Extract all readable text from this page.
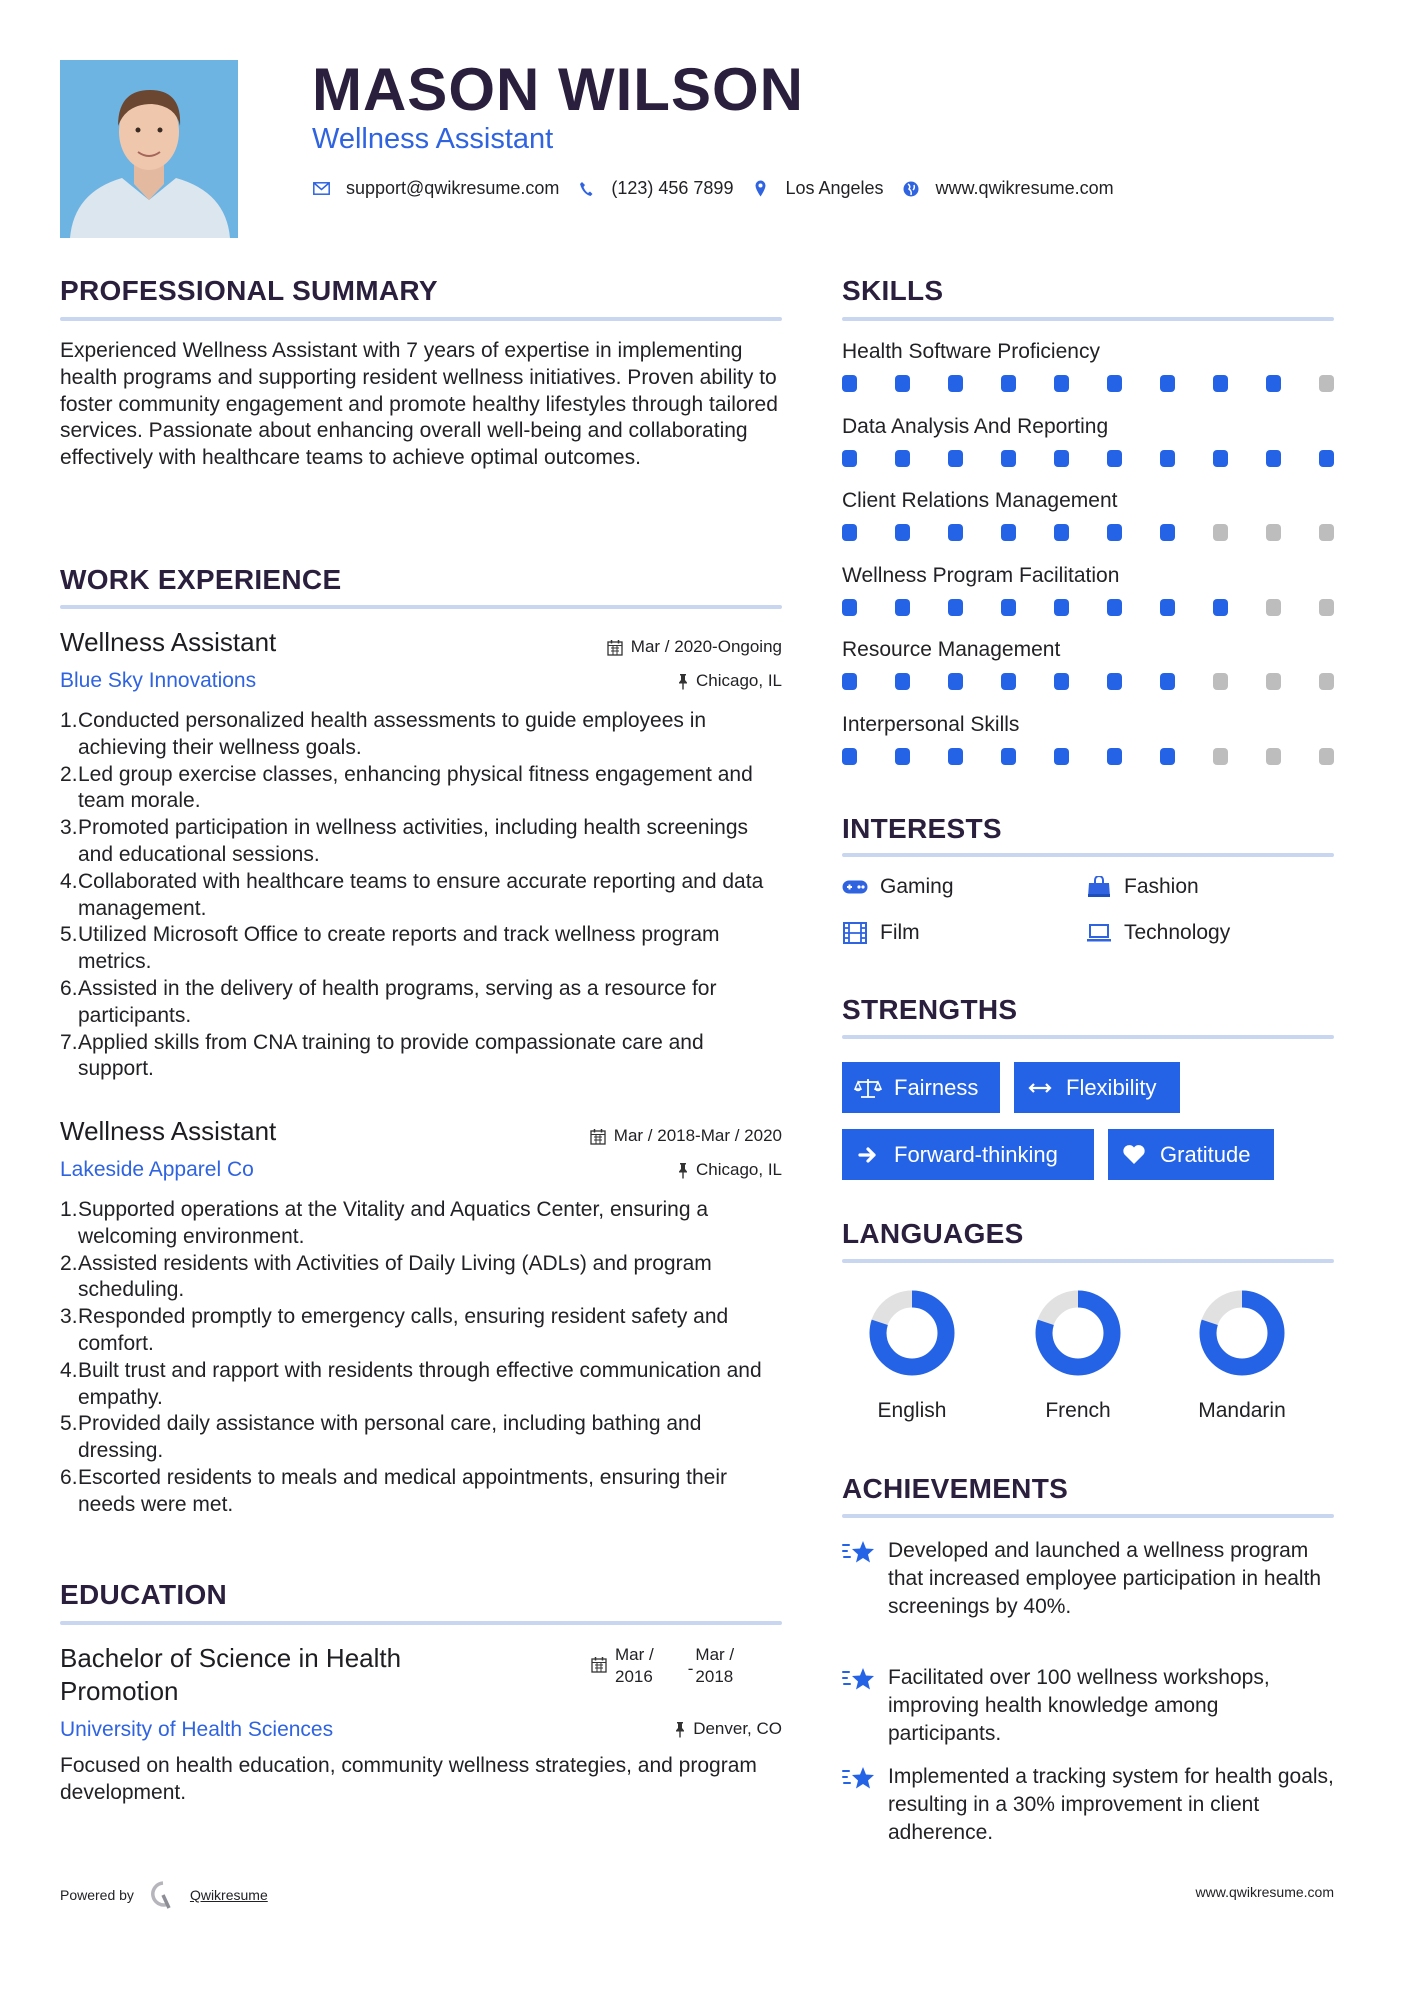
MASON WILSON
Wellness Assistant
support@qwikresume.com	(123) 456 7899	Los Angeles	www.qwikresume.com
PROFESSIONAL SUMMARY
Experienced Wellness Assistant with 7 years of expertise in implementing health programs and supporting resident wellness initiatives. Proven ability to foster community engagement and promote healthy lifestyles through tailored services. Passionate about enhancing overall well-being and collaborating effectively with healthcare teams to achieve optimal outcomes.
WORK EXPERIENCE
Wellness Assistant
Blue Sky Innovations
Mar / 2020-Ongoing
Chicago, IL
Conducted personalized health assessments to guide employees in achieving their wellness goals.
Led group exercise classes, enhancing physical fitness engagement and team morale.
Promoted participation in wellness activities, including health screenings and educational sessions.
Collaborated with healthcare teams to ensure accurate reporting and data management.
Utilized Microsoft Office to create reports and track wellness program metrics.
Assisted in the delivery of health programs, serving as a resource for participants.
Applied skills from CNA training to provide compassionate care and support.
Wellness Assistant
Lakeside Apparel Co
Mar / 2018-Mar / 2020
Chicago, IL
Supported operations at the Vitality and Aquatics Center, ensuring a welcoming environment.
Assisted residents with Activities of Daily Living (ADLs) and program scheduling.
Responded promptly to emergency calls, ensuring resident safety and comfort.
Built trust and rapport with residents through effective communication and empathy.
Provided daily assistance with personal care, including bathing and dressing.
Escorted residents to meals and medical appointments, ensuring their needs were met.
EDUCATION
Bachelor of Science in Health
Promotion
Mar /
2016 -
Mar /
2018
University of Health Sciences	Denver, CO
Focused on health education, community wellness strategies, and program development.
SKILLS
Health Software Proficiency
Data Analysis And Reporting
Client Relations Management
Wellness Program Facilitation
Resource Management
Interpersonal Skills
INTERESTS
Gaming	Fashion
Film	Technology
STRENGTHS
Fairness	Flexibility
Forward-thinking	Gratitude
LANGUAGES
English	French	Mandarin
ACHIEVEMENTS
Developed and launched a wellness program that increased employee participation in health screenings by 40%.
Facilitated over 100 wellness workshops, improving health knowledge among participants.
Implemented a tracking system for health goals, resulting in a 30% improvement in client adherence.
Powered by	Qwikresume	www.qwikresume.com
